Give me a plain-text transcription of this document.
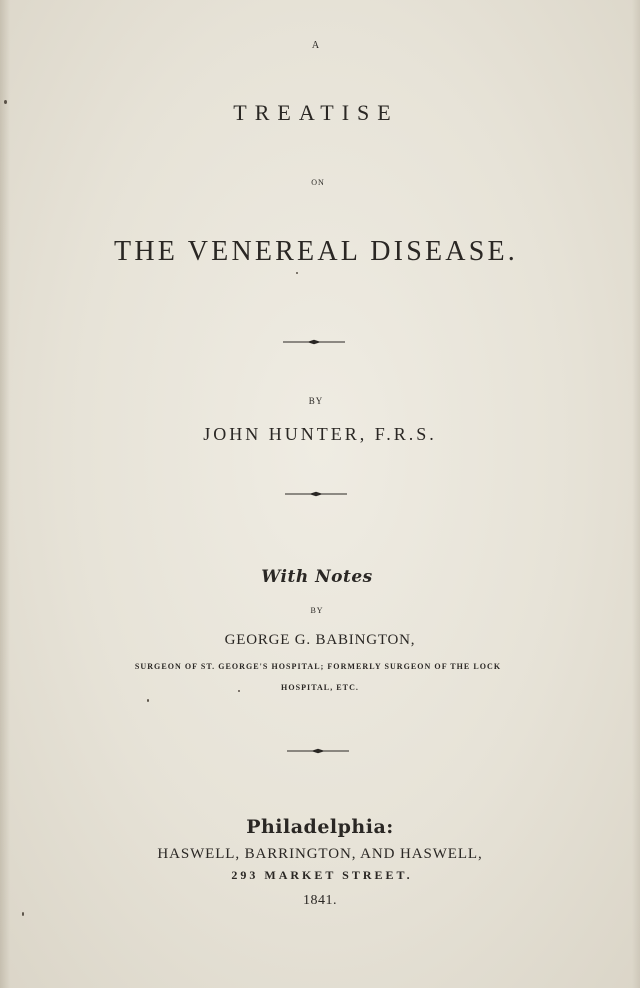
A
TREATISE
ON
THE VENEREAL DISEASE.
BY
JOHN HUNTER, F.R.S.
With Notes
BY
GEORGE G. BABINGTON,
SURGEON OF ST. GEORGE'S HOSPITAL; FORMERLY SURGEON OF THE LOCK
HOSPITAL, ETC.
Philadelphia:
HASWELL, BARRINGTON, AND HASWELL,
293 MARKET STREET.
1841.
